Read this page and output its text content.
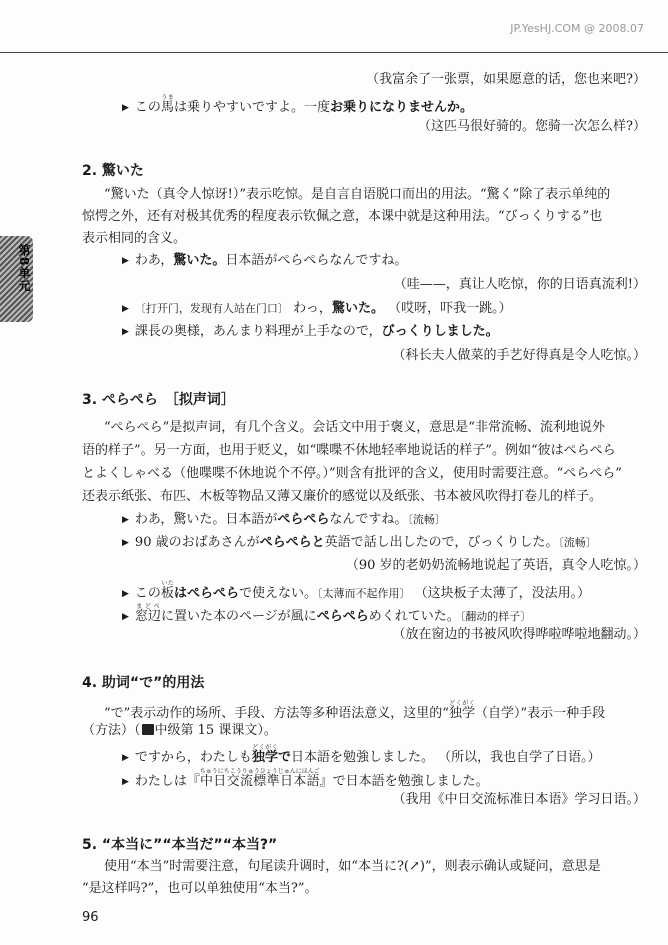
JP.YesHJ.COM @ 2008.07
第8单元
（我富余了一张票，如果愿意的话，您也来吧?）
▶ この馬うまは乗りやすいですよ。一度お乗りになりませんか。
（这匹马很好骑的。您骑一次怎么样?）
2. 驚いた
“驚いた（真令人惊讶!）”表示吃惊。是自言自语脱口而出的用法。“驚く”除了表示单纯的
惊愕之外，还有对极其优秀的程度表示钦佩之意，本课中就是这种用法。“びっくりする”也
表示相同的含义。
▶ わあ，驚いた。日本語がぺらぺらなんですね。
（哇——，真让人吃惊，你的日语真流利!）
▶ 〔打开门，发现有人站在门口〕 わっ，驚いた。 （哎呀，吓我一跳。）
▶ 課長の奥様，あんまり料理が上手なので，びっくりしました。
（科长夫人做菜的手艺好得真是令人吃惊。）
3. ぺらぺら　［拟声词］
“ぺらぺら”是拟声词，有几个含义。会话文中用于褒义，意思是“非常流畅、流利地说外
语的样子”。另一方面，也用于贬义，如“喋喋不休地轻率地说话的样子”。例如“彼はぺらぺら
とよくしゃべる（他喋喋不休地说个不停。）”则含有批评的含义，使用时需要注意。“ぺらぺら”
还表示纸张、布匹、木板等物品又薄又廉价的感觉以及纸张、书本被风吹得打卷儿的样子。
▶ わあ，驚いた。日本語がぺらぺらなんですね。〔流畅〕
▶ 90 歳のおばあさんがぺらぺらと英語で話し出したので，びっくりした。〔流畅〕
（90 岁的老奶奶流畅地说起了英语，真令人吃惊。）
▶ この板いたはぺらぺらで使えない。〔太薄而不起作用〕 （这块板子太薄了，没法用。）
▶ 窓辺まどべに置いた本のページが風にぺらぺらめくれていた。〔翻动的样子〕
（放在窗边的书被风吹得哗啦哗啦地翻动。）
4. 助词“で”的用法
“で”表示动作的场所、手段、方法等多种语法意义，这里的“独学どくがく（自学）”表示一种手段
（方法）（ 中级第 15 课课文）。
▶ ですから，わたしも独学どくがくで日本語を勉強しました。 （所以，我也自学了日语。）
▶ わたしは『中日交流標準日本語ちゅうにちこうりゅうひょうじゅんにほんご』で日本語を勉強しました。
（我用《中日交流标准日本语》学习日语。）
5. “本当に”“本当だ”“本当?”
使用“本当”时需要注意，句尾读升调时，如“本当に?(↗)”，则表示确认或疑问，意思是
“是这样吗?”，也可以单独使用“本当?”。
96
